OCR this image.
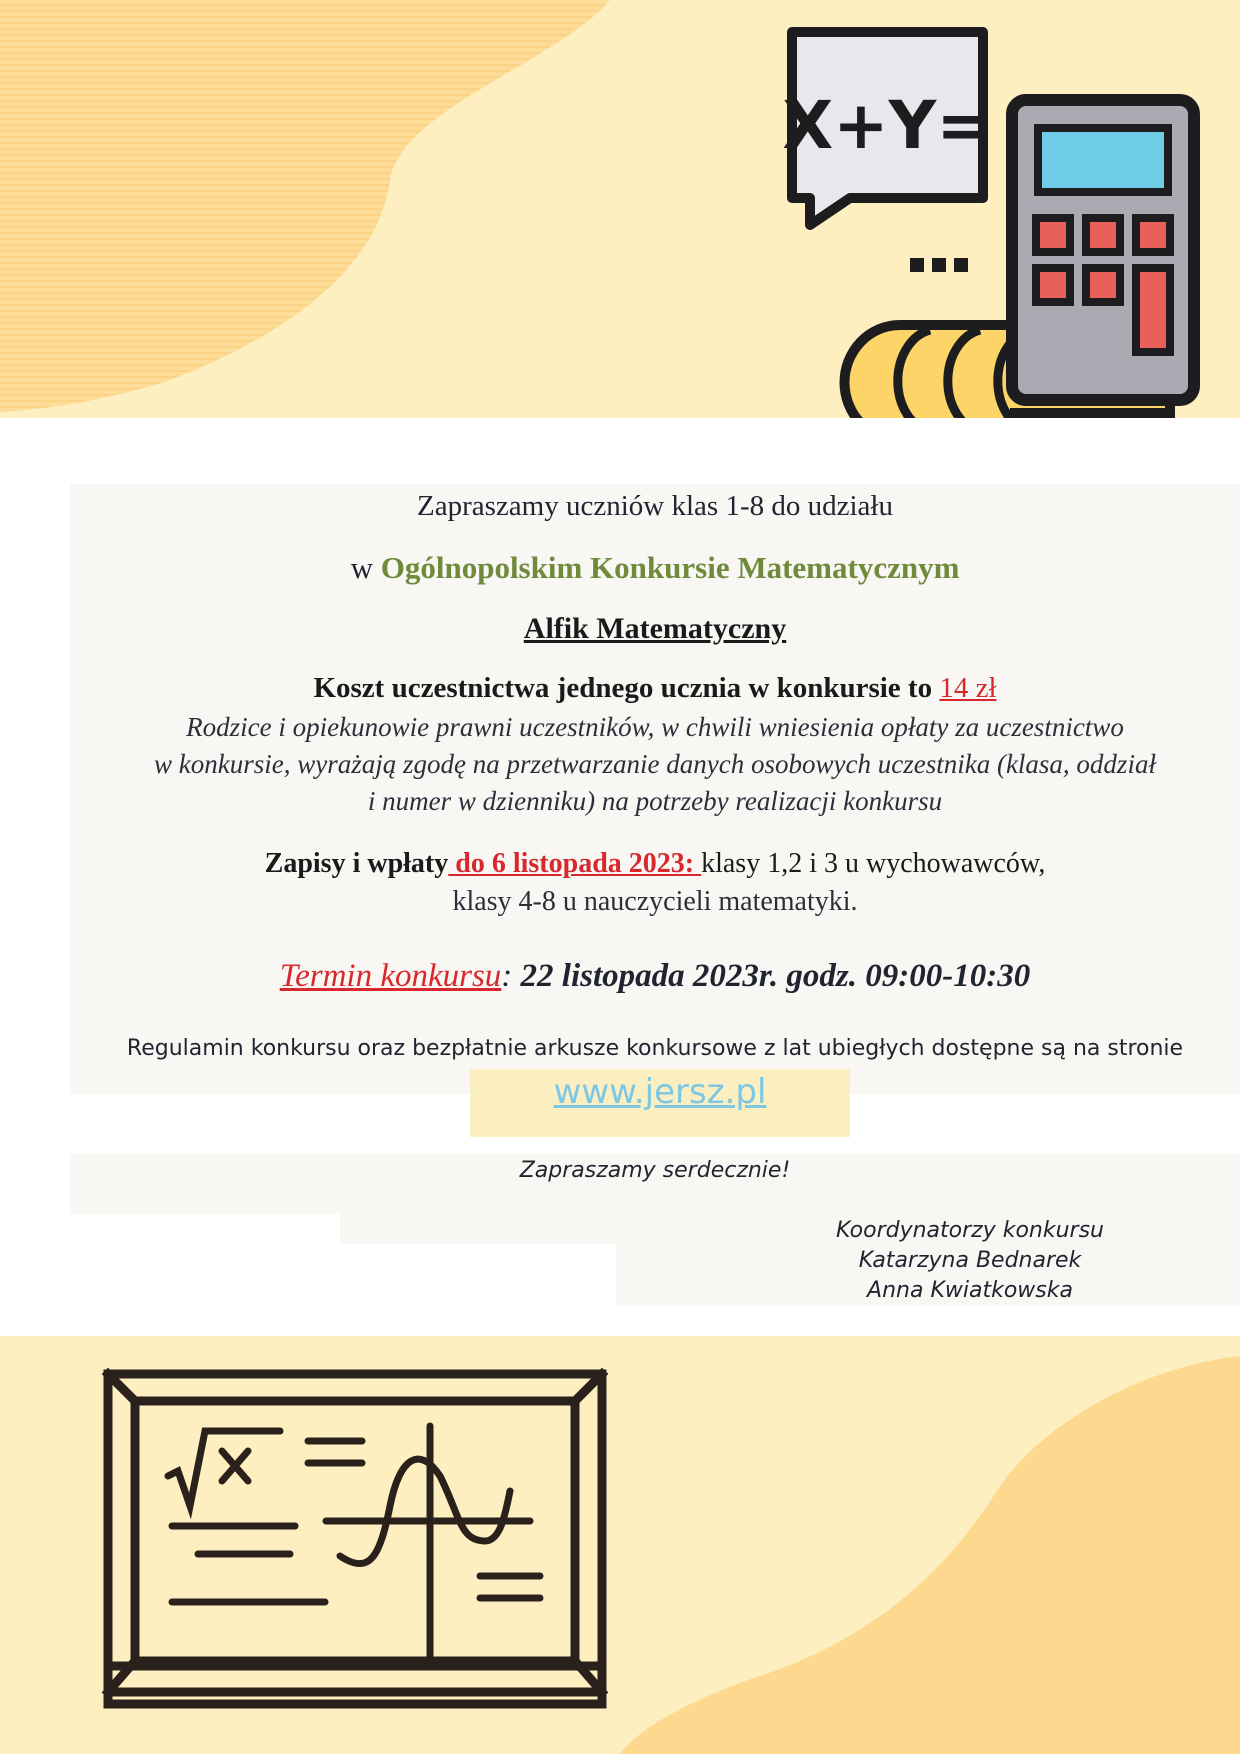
X+Y=
Zapraszamy uczniów klas 1-8 do udziału
w Ogólnopolskim Konkursie Matematycznym
Alfik Matematyczny
Koszt uczestnictwa jednego ucznia w konkursie to 14 zł
Rodzice i opiekunowie prawni uczestników, w chwili wniesienia opłaty za uczestnictwo
w konkursie, wyrażają zgodę na przetwarzanie danych osobowych uczestnika (klasa, oddział
i numer w dzienniku) na potrzeby realizacji konkursu
Zapisy i wpłaty do 6 listopada 2023: klasy 1,2 i 3 u wychowawców,
klasy 4-8 u nauczycieli matematyki.
Termin konkursu: 22 listopada 2023r. godz. 09:00-10:30
Regulamin konkursu oraz bezpłatnie arkusze konkursowe z lat ubiegłych dostępne są na stronie
www.jersz.pl
Zapraszamy serdecznie!
Koordynatorzy konkursu
Katarzyna Bednarek
Anna Kwiatkowska
